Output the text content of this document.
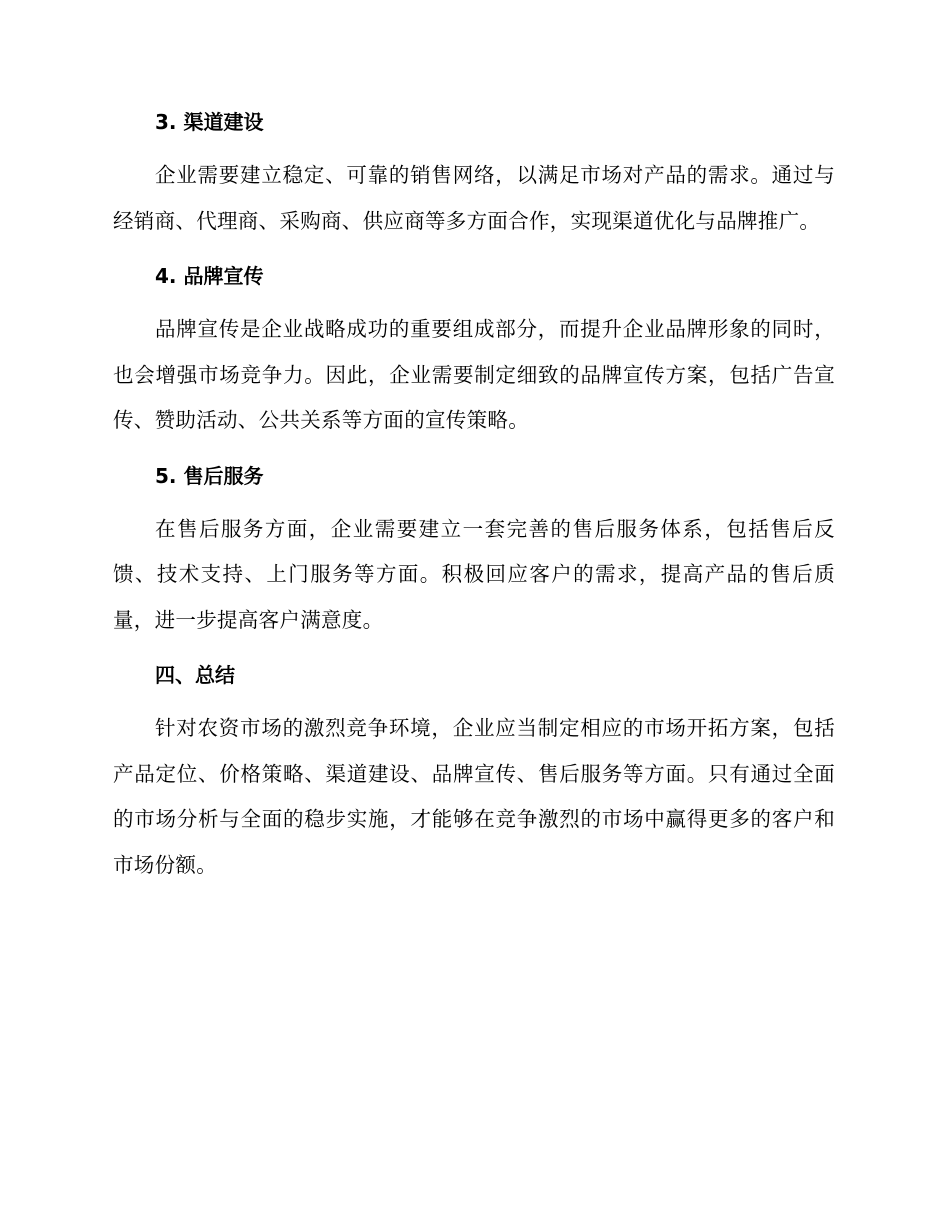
3. 渠道建设

企业需要建立稳定、可靠的销售网络，以满足市场对产品的需求。通过与经销商、代理商、采购商、供应商等多方面合作，实现渠道优化与品牌推广。

4. 品牌宣传

品牌宣传是企业战略成功的重要组成部分，而提升企业品牌形象的同时，也会增强市场竞争力。因此，企业需要制定细致的品牌宣传方案，包括广告宣传、赞助活动、公共关系等方面的宣传策略。

5. 售后服务

在售后服务方面，企业需要建立一套完善的售后服务体系，包括售后反馈、技术支持、上门服务等方面。积极回应客户的需求，提高产品的售后质量，进一步提高客户满意度。

四、总结

针对农资市场的激烈竞争环境，企业应当制定相应的市场开拓方案，包括产品定位、价格策略、渠道建设、品牌宣传、售后服务等方面。只有通过全面的市场分析与全面的稳步实施，才能够在竞争激烈的市场中赢得更多的客户和市场份额。
